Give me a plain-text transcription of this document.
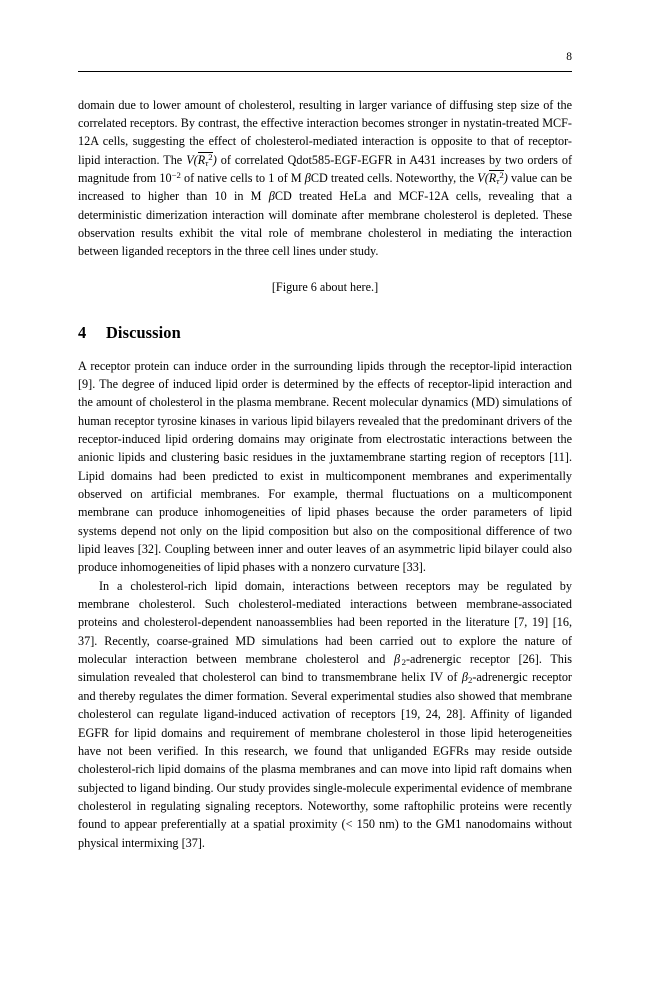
8

domain due to lower amount of cholesterol, resulting in larger variance of diffusing step size of the correlated receptors. By contrast, the effective interaction becomes stronger in nystatin-treated MCF-12A cells, suggesting the effect of cholesterol-mediated interaction is opposite to that of receptor-lipid interaction. The $V(R_\tau^2)$ of correlated Qdot585-EGF-EGFR in A431 increases by two orders of magnitude from $10^{-2}$ of native cells to 1 of M βCD treated cells. Noteworthy, the $V(R_\tau^2)$ value can be increased to higher than 10 in M βCD treated HeLa and MCF-12A cells, revealing that a deterministic dimerization interaction will dominate after membrane cholesterol is depleted. These observation results exhibit the vital role of membrane cholesterol in mediating the interaction between liganded receptors in the three cell lines under study.

[Figure 6 about here.]

4 Discussion

A receptor protein can induce order in the surrounding lipids through the receptor-lipid interaction [9]. The degree of induced lipid order is determined by the effects of receptor-lipid interaction and the amount of cholesterol in the plasma membrane. Recent molecular dynamics (MD) simulations of human receptor tyrosine kinases in various lipid bilayers revealed that the predominant drivers of the receptor-induced lipid ordering domains may originate from electrostatic interactions between the anionic lipids and clustering basic residues in the juxtamembrane starting region of receptors [11]. Lipid domains had been predicted to exist in multicomponent membranes and experimentally observed on artificial membranes. For example, thermal fluctuations on a multicomponent membrane can produce inhomogeneities of lipid phases because the order parameters of lipid systems depend not only on the lipid composition but also on the compositional difference of two lipid leaves [32]. Coupling between inner and outer leaves of an asymmetric lipid bilayer could also produce inhomogeneities of lipid phases with a nonzero curvature [33].

In a cholesterol-rich lipid domain, interactions between receptors may be regulated by membrane cholesterol. Such cholesterol-mediated interactions between membrane-associated proteins and cholesterol-dependent nanoassemblies had been reported in the literature [7, 19] [16, 37]. Recently, coarse-grained MD simulations had been carried out to explore the nature of molecular interaction between membrane cholesterol and β $_2$-adrenergic receptor [26]. This simulation revealed that cholesterol can bind to transmembrane helix IV of $\beta_2$-adrenergic receptor and thereby regulates the dimer formation. Several experimental studies also showed that membrane cholesterol can regulate ligand-induced activation of receptors [19, 24, 28]. Affinity of liganded EGFR for lipid domains and requirement of membrane cholesterol in those lipid heterogeneities have not been verified. In this research, we found that unliganded EGFRs may reside outside cholesterol-rich lipid domains of the plasma membranes and can move into lipid raft domains when subjected to ligand binding. Our study provides single-molecule experimental evidence of membrane cholesterol in regulating signaling receptors. Noteworthy, some raftophilic proteins were recently found to appear preferentially at a spatial proximity (< 150 nm) to the GM1 nanodomains without physical intermixing [37].
